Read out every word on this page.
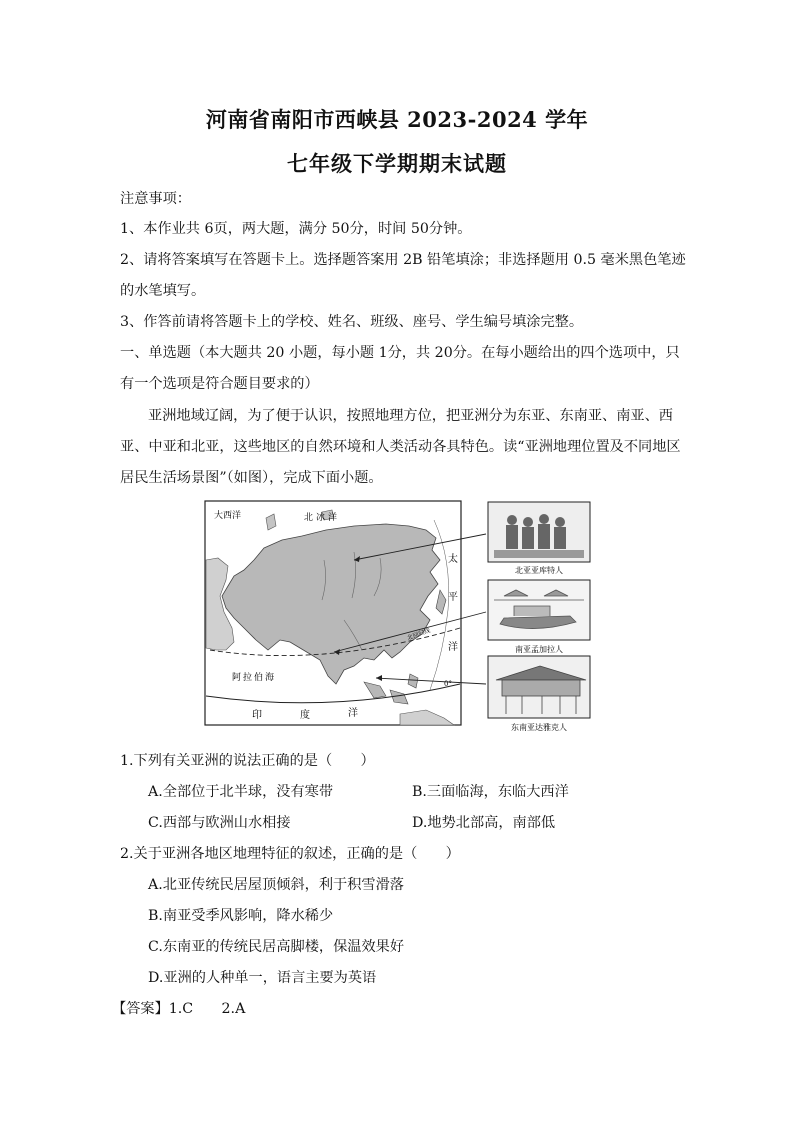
河南省南阳市西峡县 2023-2024 学年
七年级下学期期末试题
注意事项：
1、本作业共 6页，两大题，满分 50分，时间 50分钟。
2、请将答案填写在答题卡上。选择题答案用 2B 铅笔填涂；非选择题用 0.5 毫米黑色笔迹
的水笔填写。
3、作答前请将答题卡上的学校、姓名、班级、座号、学生编号填涂完整。
一、单选题（本大题共 20 小题，每小题 1分，共 20分。在每小题给出的四个选项中，只
有一个选项是符合题目要求的）
亚洲地域辽阔，为了便于认识，按照地理方位，把亚洲分为东亚、东南亚、南亚、西
亚、中亚和北亚，这些地区的自然环境和人类活动各具特色。读“亚洲地理位置及不同地区
居民生活场景图”（如图），完成下面小题。
大西洋	北冰洋
太
平
洋
阿拉伯海
印	度	洋
北回归线
0°
北亚亚库特人
南亚孟加拉人
东南亚达雅克人
1.下列有关亚洲的说法正确的是（　　）
A.全部位于北半球，没有寒带	B.三面临海，东临大西洋
C.西部与欧洲山水相接	D.地势北部高，南部低
2.关于亚洲各地区地理特征的叙述，正确的是（　　）
A.北亚传统民居屋顶倾斜，利于积雪滑落
B.南亚受季风影响，降水稀少
C.东南亚的传统民居高脚楼，保温效果好
D.亚洲的人种单一，语言主要为英语
【答案】1.C　　2.A
